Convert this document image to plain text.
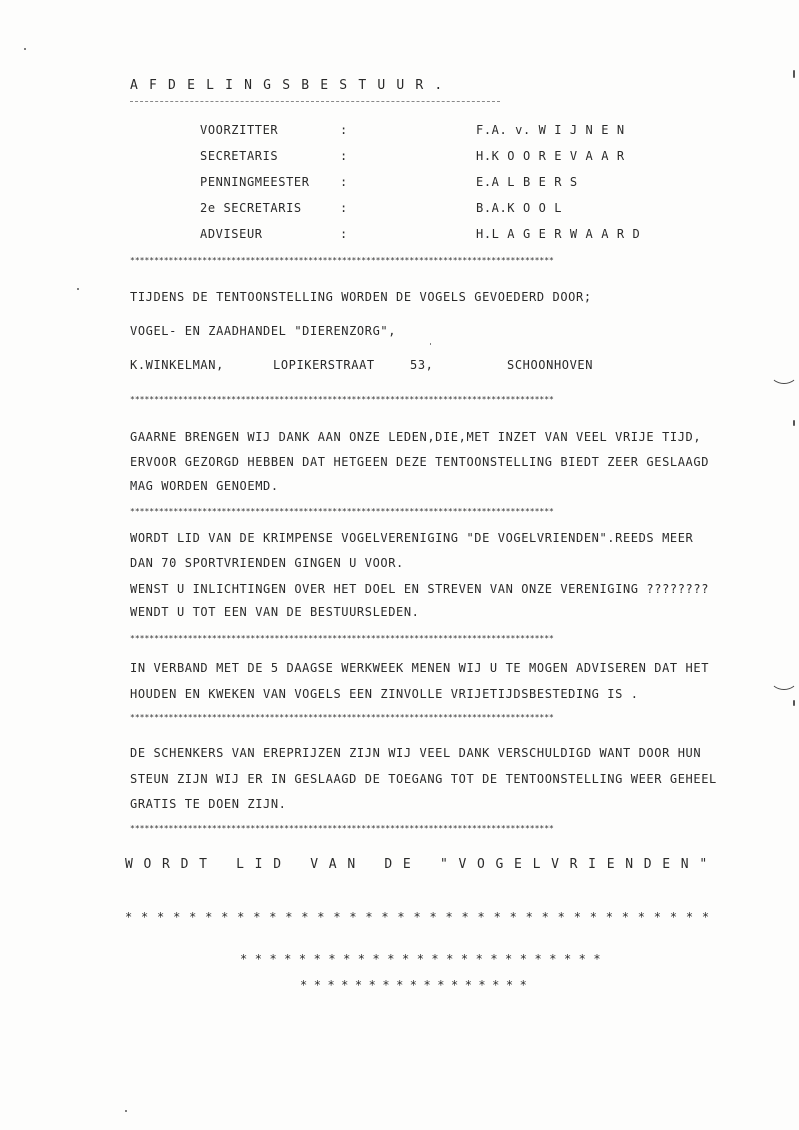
AFDELINGSBESTUUR.
VOORZITTER	:	F.A. v. W I J N E N
SECRETARIS	:	H.K O O R E V A A R
PENNINGMEESTER	:	E.A L B E R S
2e SECRETARIS	:	B.A.K O O L
ADVISEUR	:	H.L A G E R W A A R D
****************************************************************************************
TIJDENS DE TENTOONSTELLING WORDEN DE VOGELS GEVOEDERD DOOR;
VOGEL- EN ZAADHANDEL "DIERENZORG",
K.WINKELMAN,	LOPIKERSTRAAT	53,	SCHOONHOVEN
****************************************************************************************
GAARNE BRENGEN WIJ DANK AAN ONZE LEDEN,DIE,MET INZET VAN VEEL VRIJE TIJD,
ERVOOR GEZORGD HEBBEN DAT HETGEEN DEZE TENTOONSTELLING BIEDT ZEER GESLAAGD
MAG WORDEN GENOEMD.
****************************************************************************************
WORDT LID VAN DE KRIMPENSE VOGELVERENIGING "DE VOGELVRIENDEN".REEDS MEER
DAN 70 SPORTVRIENDEN GINGEN U VOOR.
WENST U INLICHTINGEN OVER HET DOEL EN STREVEN VAN ONZE VERENIGING ????????
WENDT U TOT EEN VAN DE BESTUURSLEDEN.
****************************************************************************************
IN VERBAND MET DE 5 DAAGSE WERKWEEK MENEN WIJ U TE MOGEN ADVISEREN DAT HET
HOUDEN EN KWEKEN VAN VOGELS EEN ZINVOLLE VRIJETIJDSBESTEDING IS .
****************************************************************************************
DE SCHENKERS VAN EREPRIJZEN ZIJN WIJ VEEL DANK VERSCHULDIGD WANT DOOR HUN
STEUN ZIJN WIJ ER IN GESLAAGD DE TOEGANG TOT DE TENTOONSTELLING WEER GEHEEL
GRATIS TE DOEN ZIJN.
****************************************************************************************
WORDT LID VAN DE "VOGELVRIENDEN"
*************************************
*************************
*****************
